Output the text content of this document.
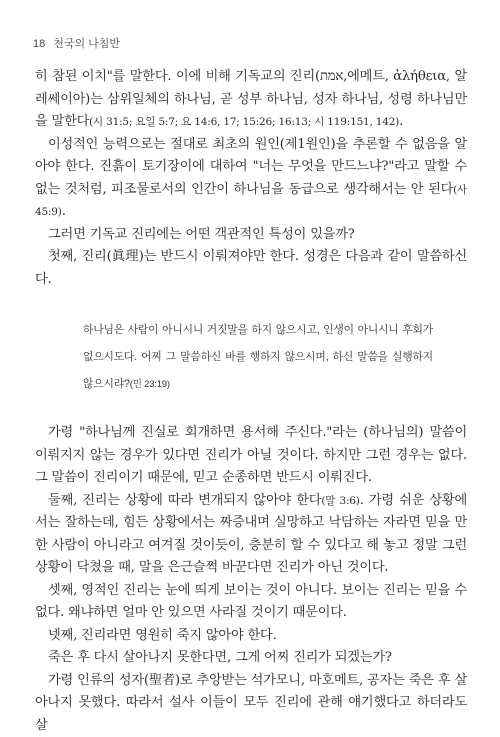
18 천국의 나침반

히 참된 이치"를 말한다. 이에 비해 기독교의 진리(אמת,에메트, ἀλήθεια, 알레쎄이아)는 삼위일체의 하나님, 곧 성부 하나님, 성자 하나님, 성령 하나님만을 말한다(시 31:5; 요일 5:7; 요 14:6, 17; 15:26; 16:13; 시 119:151, 142).

이성적인 능력으로는 절대로 최초의 원인(제1원인)을 추론할 수 없음을 알아야 한다. 진흙이 토기장이에 대하여 "너는 무엇을 만드느냐?"라고 말할 수 없는 것처럼, 피조물로서의 인간이 하나님을 동급으로 생각해서는 안 된다(사 45:9).

그러면 기독교 진리에는 어떤 객관적인 특성이 있을까?

첫째, 진리(眞理)는 반드시 이뤄져야만 한다. 성경은 다음과 같이 말씀하신다.

하나님은 사람이 아니시니 거짓말을 하지 않으시고, 인생이 아니시니 후회가 없으시도다. 어찌 그 말씀하신 바를 행하지 않으시며, 하신 말씀을 실행하지 않으시랴?(민 23:19)

가령 "하나님께 진실로 회개하면 용서해 주신다."라는 (하나님의) 말씀이 이뤄지지 않는 경우가 있다면 진리가 아닐 것이다. 하지만 그런 경우는 없다. 그 말씀이 진리이기 때문에, 믿고 순종하면 반드시 이뤄진다.

둘째, 진리는 상황에 따라 변개되지 않아야 한다(말 3:6). 가령 쉬운 상황에서는 잘하는데, 힘든 상황에서는 짜증내며 실망하고 낙담하는 자라면 믿을 만한 사람이 아니라고 여겨질 것이듯이, 충분히 할 수 있다고 해 놓고 정말 그런 상황이 닥쳤을 때, 말을 은근슬쩍 바꾼다면 진리가 아닌 것이다.

셋째, 영적인 진리는 눈에 띄게 보이는 것이 아니다. 보이는 진리는 믿을 수 없다. 왜냐하면 얼마 안 있으면 사라질 것이기 때문이다.

넷째, 진리라면 영원히 죽지 않아야 한다.

죽은 후 다시 살아나지 못한다면, 그게 어찌 진리가 되겠는가?

가령 인류의 성자(聖者)로 추앙받는 석가모니, 마호메트, 공자는 죽은 후 살아나지 못했다. 따라서 설사 이들이 모두 진리에 관해 얘기했다고 하더라도 살
